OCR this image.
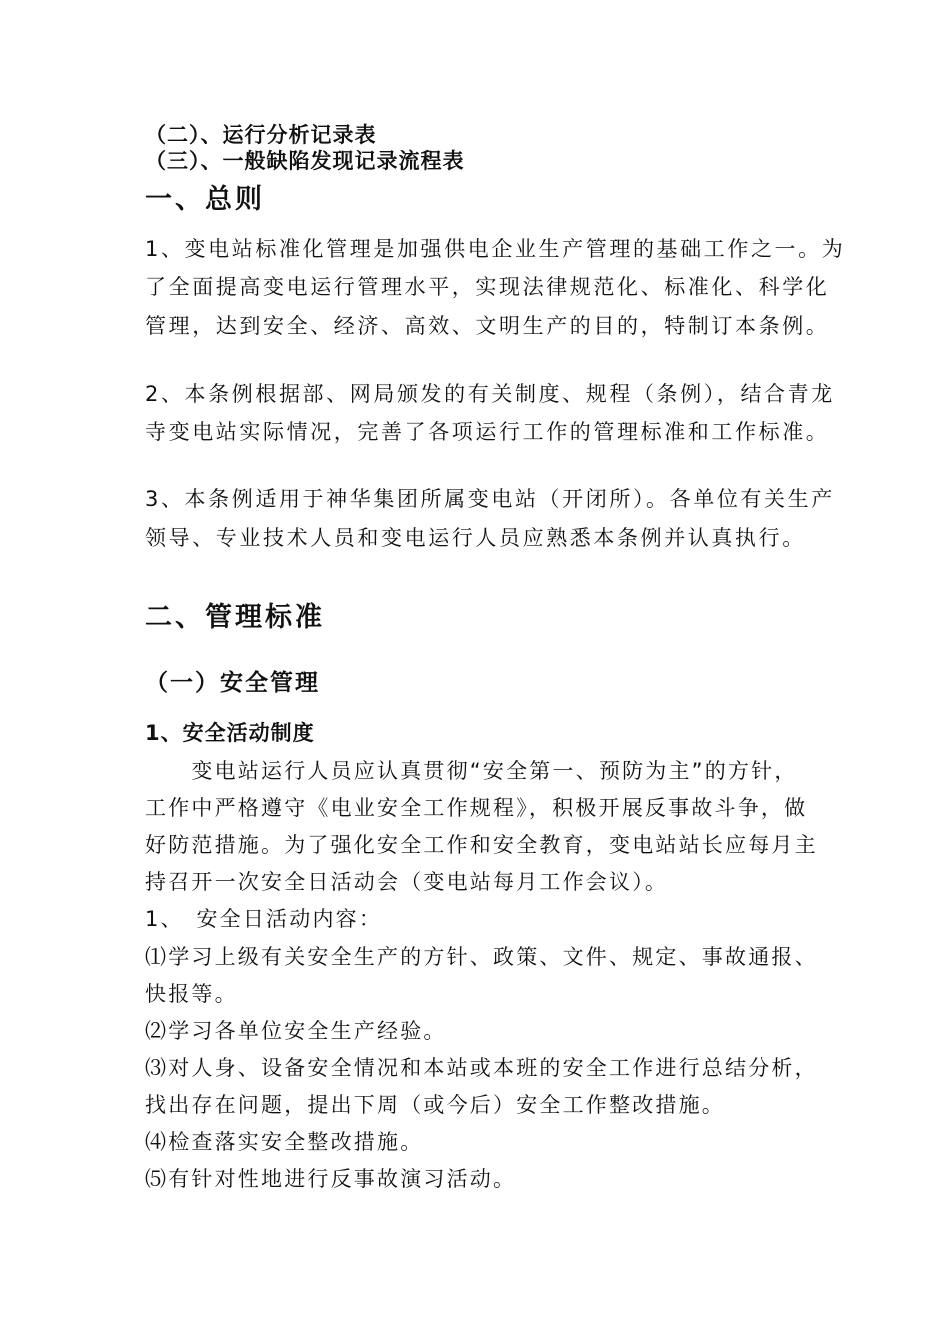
（二）、运行分析记录表
（三）、一般缺陷发现记录流程表
一、总则
1、变电站标准化管理是加强供电企业生产管理的基础工作之一。为
了全面提高变电运行管理水平，实现法律规范化、标准化、科学化
管理，达到安全、经济、高效、文明生产的目的，特制订本条例。
2、本条例根据部、网局颁发的有关制度、规程（条例），结合青龙
寺变电站实际情况，完善了各项运行工作的管理标准和工作标准。
3、本条例适用于神华集团所属变电站（开闭所）。各单位有关生产
领导、专业技术人员和变电运行人员应熟悉本条例并认真执行。
二、管理标准
（一）安全管理
1、安全活动制度
　　变电站运行人员应认真贯彻“安全第一、预防为主”的方针，
工作中严格遵守《电业安全工作规程》，积极开展反事故斗争，做
好防范措施。为了强化安全工作和安全教育，变电站站长应每月主
持召开一次安全日活动会（变电站每月工作会议）。
1、　安全日活动内容：
⑴学习上级有关安全生产的方针、政策、文件、规定、事故通报、
快报等。
⑵学习各单位安全生产经验。
⑶对人身、设备安全情况和本站或本班的安全工作进行总结分析，
找出存在问题，提出下周（或今后）安全工作整改措施。
⑷检查落实安全整改措施。
⑸有针对性地进行反事故演习活动。
